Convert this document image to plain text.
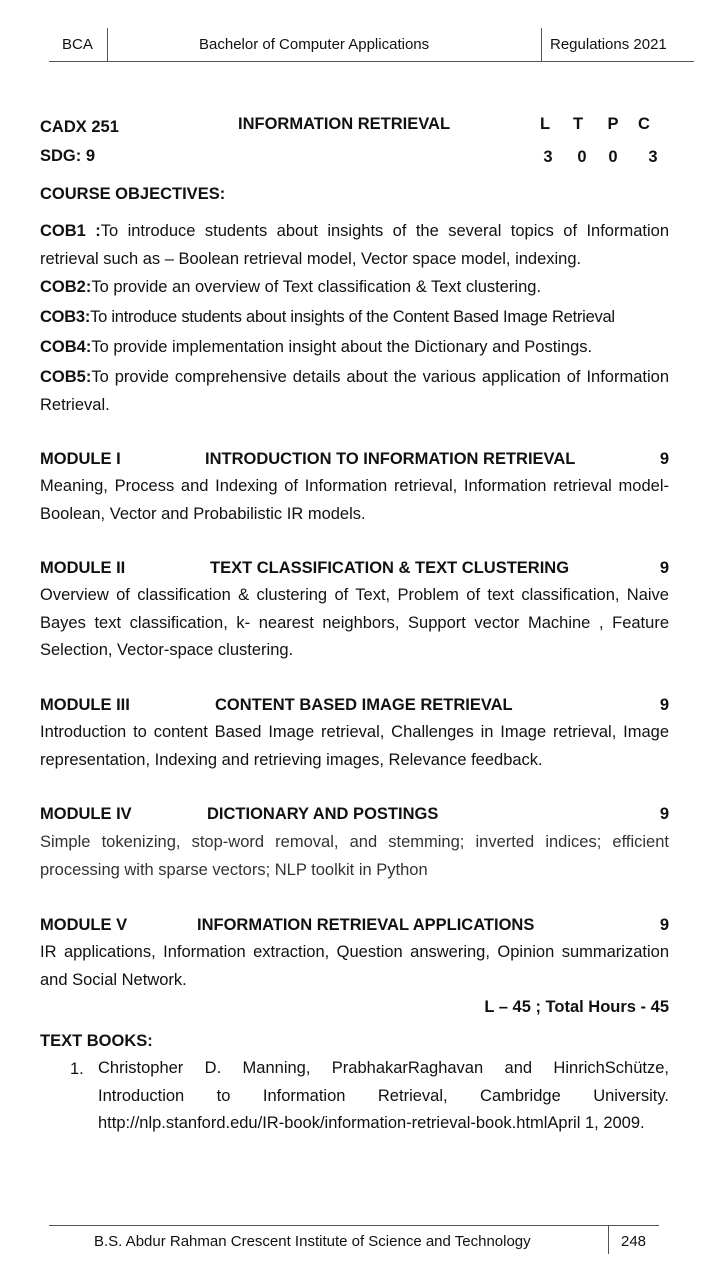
BCA	Bachelor of Computer Applications	Regulations 2021
CADX 251	INFORMATION RETRIEVAL	L	T	P C
SDG: 9	3	0	0	3
COURSE OBJECTIVES:
COB1 :To introduce students about insights of the several topics of Information retrieval such as – Boolean retrieval model, Vector space model, indexing.
COB2:To provide an overview of Text classification & Text clustering.
COB3:To introduce students about insights of the Content Based Image Retrieval
COB4:To provide implementation insight about the Dictionary and Postings.
COB5:To provide comprehensive details about the various application of Information Retrieval.
MODULE I	INTRODUCTION TO INFORMATION RETRIEVAL	9
Meaning, Process and Indexing of Information retrieval, Information retrieval model-Boolean, Vector and Probabilistic IR models.
MODULE II	TEXT CLASSIFICATION & TEXT CLUSTERING	9
Overview of classification & clustering of Text, Problem of text classification, Naive Bayes text classification, k- nearest neighbors, Support vector Machine , Feature Selection, Vector-space clustering.
MODULE III	CONTENT BASED IMAGE RETRIEVAL	9
Introduction to content Based Image retrieval, Challenges in Image retrieval, Image representation, Indexing and retrieving images, Relevance feedback.
MODULE IV	DICTIONARY AND POSTINGS	9
Simple tokenizing, stop-word removal, and stemming; inverted indices; efficient processing with sparse vectors; NLP toolkit in Python
MODULE V	INFORMATION RETRIEVAL APPLICATIONS	9
IR applications, Information extraction, Question answering, Opinion summarization and Social Network.
L – 45 ; Total Hours - 45
TEXT BOOKS:
1. Christopher D. Manning, PrabhakarRaghavan and HinrichSchütze, Introduction to Information Retrieval, Cambridge University. http://nlp.stanford.edu/IR-book/information-retrieval-book.htmlApril 1, 2009.
B.S. Abdur Rahman Crescent Institute of Science and Technology	248
